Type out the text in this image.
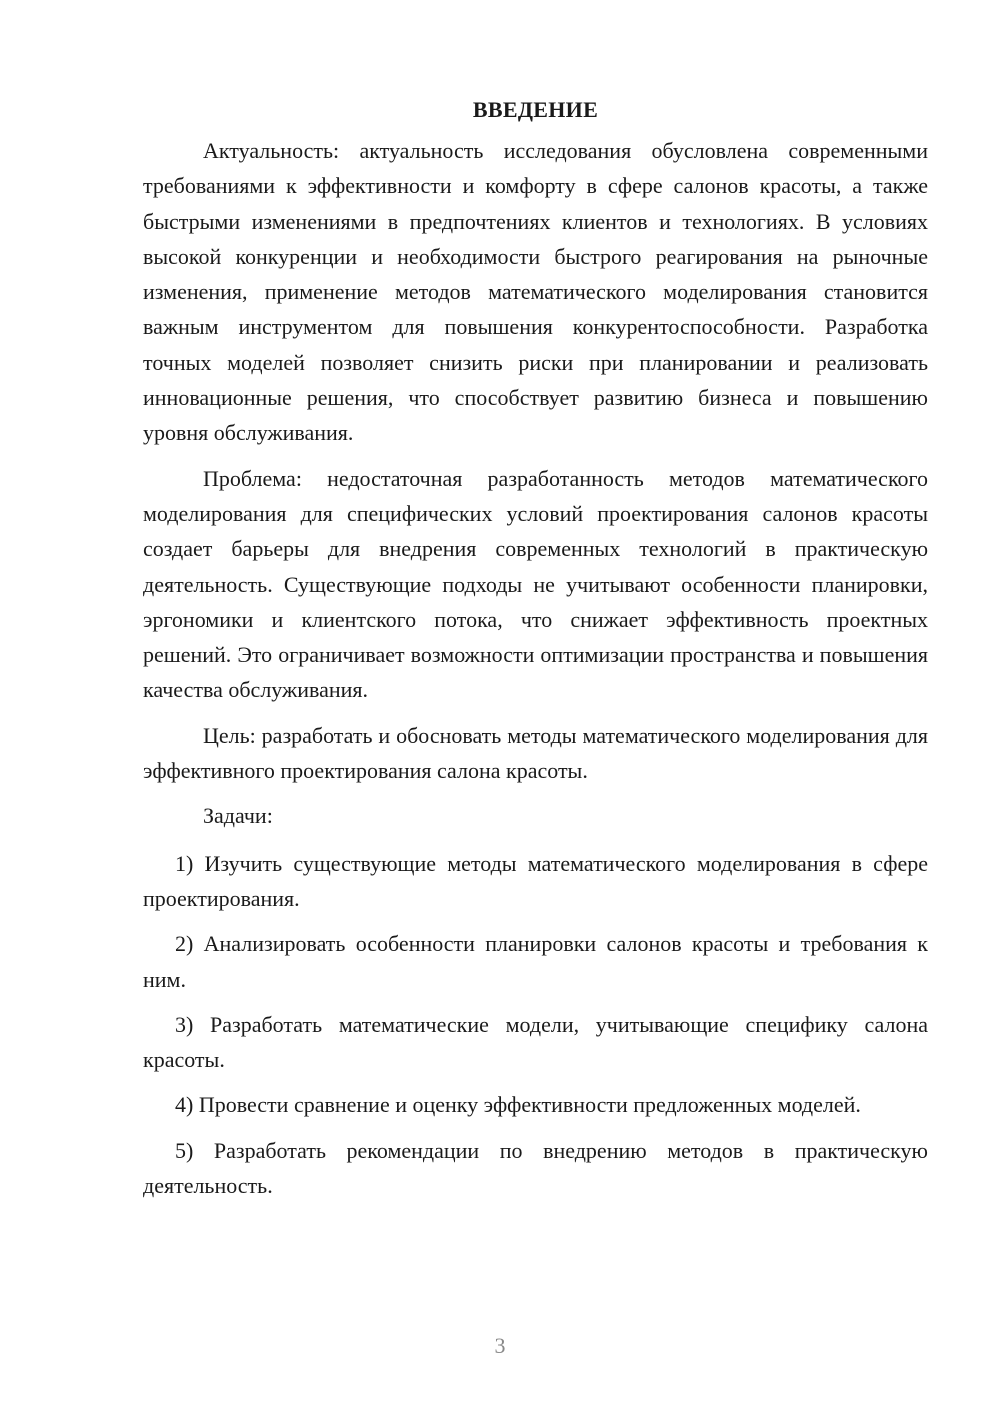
ВВЕДЕНИЕ

Актуальность: актуальность исследования обусловлена современными требованиями к эффективности и комфорту в сфере салонов красоты, а также быстрыми изменениями в предпочтениях клиентов и технологиях. В условиях высокой конкуренции и необходимости быстрого реагирования на рыночные изменения, применение методов математического моделирования становится важным инструментом для повышения конкурентоспособности. Разработка точных моделей позволяет снизить риски при планировании и реализовать инновационные решения, что способствует развитию бизнеса и повышению уровня обслуживания.

Проблема: недостаточная разработанность методов математического моделирования для специфических условий проектирования салонов красоты создает барьеры для внедрения современных технологий в практическую деятельность. Существующие подходы не учитывают особенности планировки, эргономики и клиентского потока, что снижает эффективность проектных решений. Это ограничивает возможности оптимизации пространства и повышения качества обслуживания.

Цель: разработать и обосновать методы математического моделирования для эффективного проектирования салона красоты.

Задачи:

1) Изучить существующие методы математического моделирования в сфере проектирования.

2) Анализировать особенности планировки салонов красоты и требования к ним.

3) Разработать математические модели, учитывающие специфику салона красоты.

4) Провести сравнение и оценку эффективности предложенных моделей.

5) Разработать рекомендации по внедрению методов в практическую деятельность.

3
